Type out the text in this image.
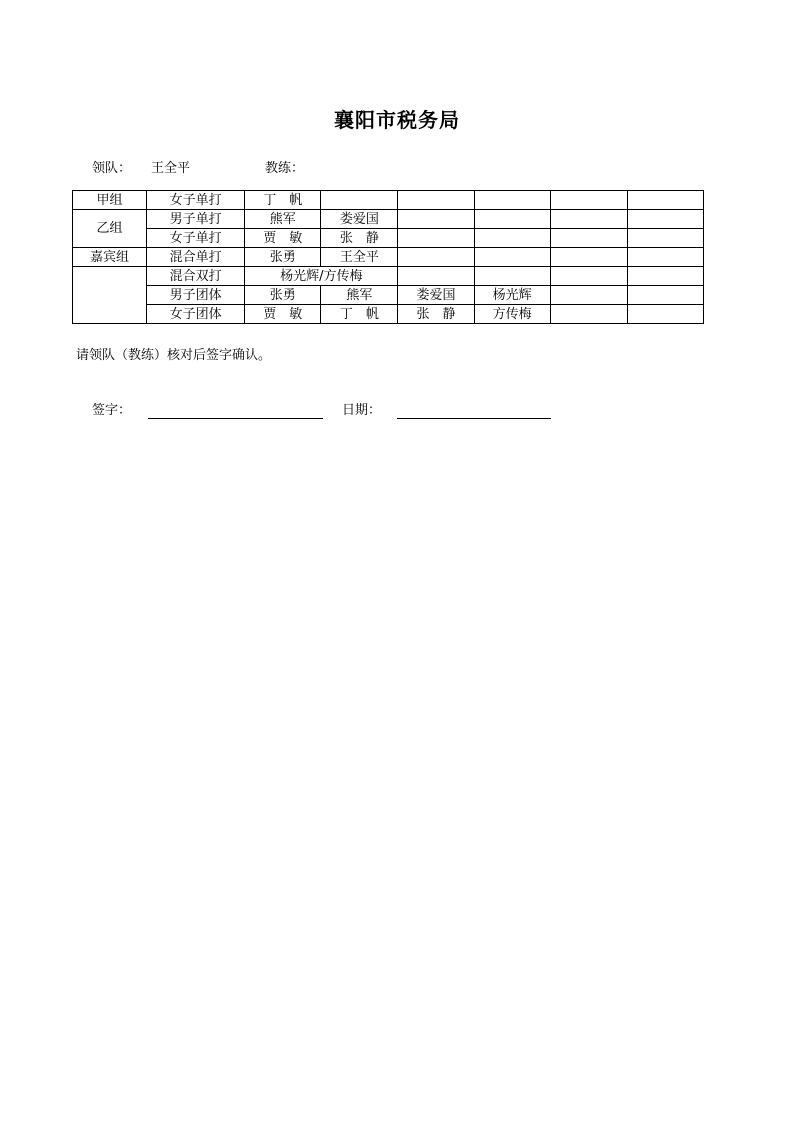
襄阳市税务局
领队： 王全平	教练：
甲组	女子单打	丁　帆					
乙组	男子单打	熊军	娄爱国				
	女子单打	贾　敏	张　静				
嘉宾组	混合单打	张勇	王全平				
	混合双打	杨光辉/方传梅					
	男子团体	张勇	熊军	娄爱国	杨光辉		
	女子团体	贾　敏	丁　帆	张　静	方传梅		
请领队（教练）核对后签字确认。
签字：	日期：
